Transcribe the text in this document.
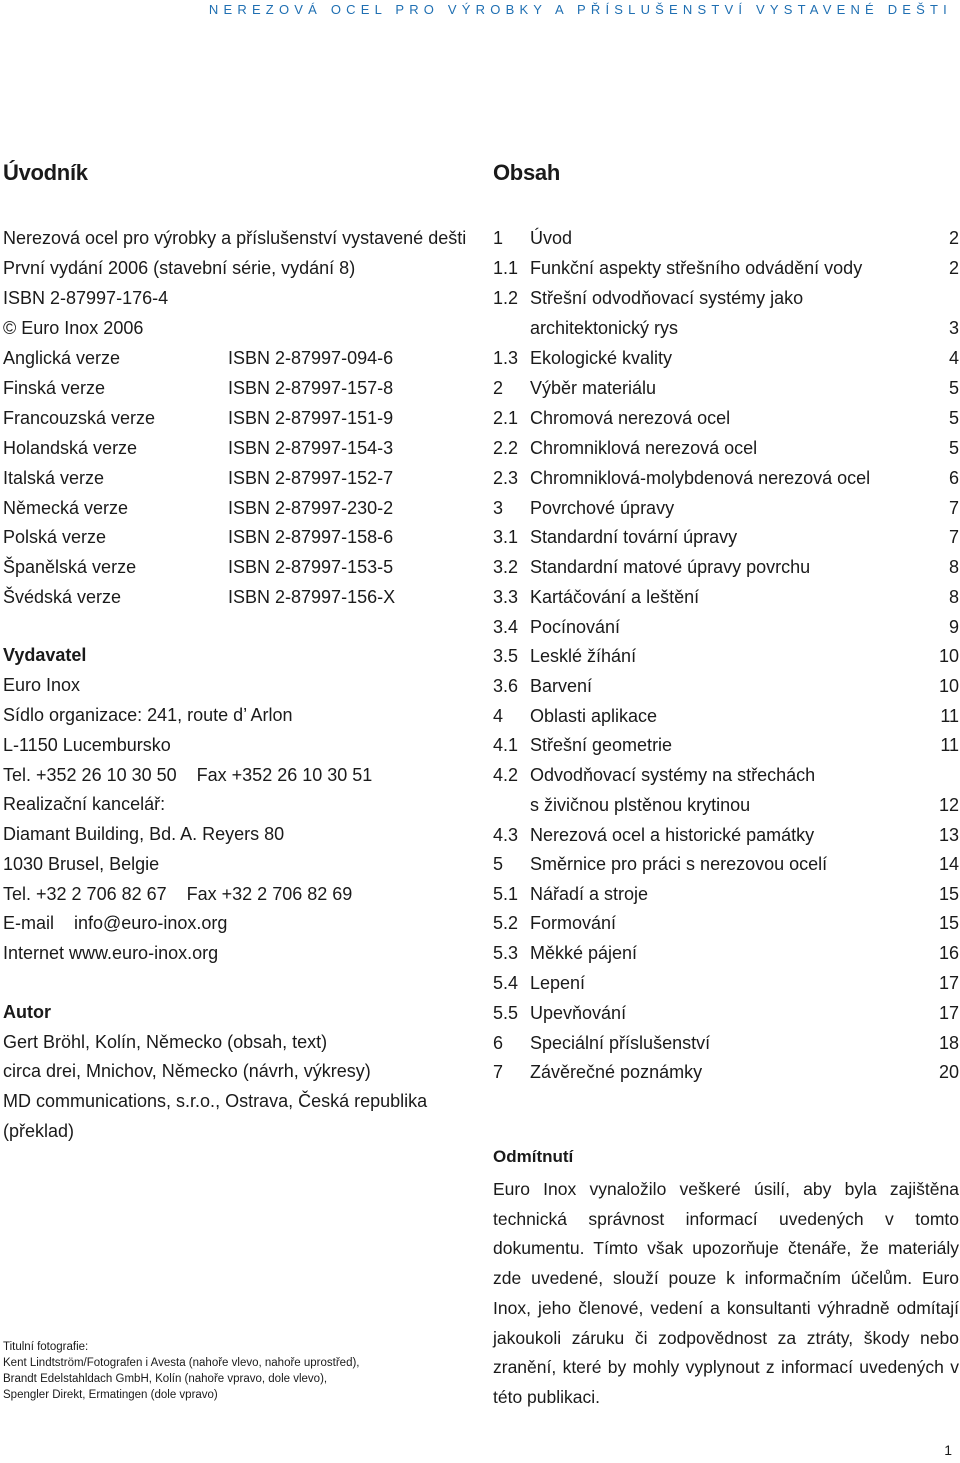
NEREZOVÁ OCEL PRO VÝROBKY A PŘÍSLUŠENSTVÍ VYSTAVENÉ DEŠTI
Úvodník
Nerezová ocel pro výrobky a příslušenství vystavené dešti
První vydání 2006 (stavební série, vydání 8)
ISBN 2-87997-176-4
© Euro Inox 2006
Anglická verze	ISBN 2-87997-094-6
Finská verze	ISBN 2-87997-157-8
Francouzská verze	ISBN 2-87997-151-9
Holandská verze	ISBN 2-87997-154-3
Italská verze	ISBN 2-87997-152-7
Německá verze	ISBN 2-87997-230-2
Polská verze	ISBN 2-87997-158-6
Španělská verze	ISBN 2-87997-153-5
Švédská verze	ISBN 2-87997-156-X
Vydavatel
Euro Inox
Sídlo organizace: 241, route d’ Arlon
L-1150 Lucembursko
Tel. +352 26 10 30 50    Fax +352 26 10 30 51
Realizační kancelář:
Diamant Building, Bd. A. Reyers 80
1030 Brusel, Belgie
Tel. +32 2 706 82 67    Fax +32 2 706 82 69
E-mail    info@euro-inox.org
Internet www.euro-inox.org
Autor
Gert Bröhl, Kolín, Německo (obsah, text)
circa drei, Mnichov, Německo (návrh, výkresy)
MD communications, s.r.o., Ostrava, Česká republika
(překlad)
Titulní fotografie:
Kent Lindtström/Fotografen i Avesta (nahoře vlevo, nahoře uprostřed),
Brandt Edelstahldach GmbH, Kolín (nahoře vpravo, dole vlevo),
Spengler Direkt, Ermatingen (dole vpravo)
Obsah
1 Úvod	2
1.1 Funkční aspekty střešního odvádění vody	2
1.2 Střešní odvodňovací systémy jako
architektonický rys	3
1.3 Ekologické kvality	4
2 Výběr materiálu	5
2.1 Chromová nerezová ocel	5
2.2 Chromniklová nerezová ocel	5
2.3 Chromniklová-molybdenová nerezová ocel	6
3 Povrchové úpravy	7
3.1 Standardní tovární úpravy	7
3.2 Standardní matové úpravy povrchu	8
3.3 Kartáčování a leštění	8
3.4 Pocínování	9
3.5 Lesklé žíhání	10
3.6 Barvení	10
4 Oblasti aplikace	11
4.1 Střešní geometrie	11
4.2 Odvodňovací systémy na střechách
s živičnou plstěnou krytinou	12
4.3 Nerezová ocel a historické památky	13
5 Směrnice pro práci s nerezovou ocelí	14
5.1 Nářadí a stroje	15
5.2 Formování	15
5.3 Měkké pájení	16
5.4 Lepení	17
5.5 Upevňování	17
6 Speciální příslušenství	18
7 Závěrečné poznámky	20
Odmítnutí
Euro Inox vynaložilo veškeré úsilí, aby byla zajištěna technická správnost informací uvedených v tomto dokumentu. Tímto však upozorňuje čtenáře, že materiály zde uvedené, slouží pouze k informačním účelům. Euro Inox, jeho členové, vedení a konsultanti výhradně odmítají jakoukoli záruku či zodpovědnost za ztráty, škody nebo zranění, které by mohly vyplynout z informací uvedených v této publikaci.
1
